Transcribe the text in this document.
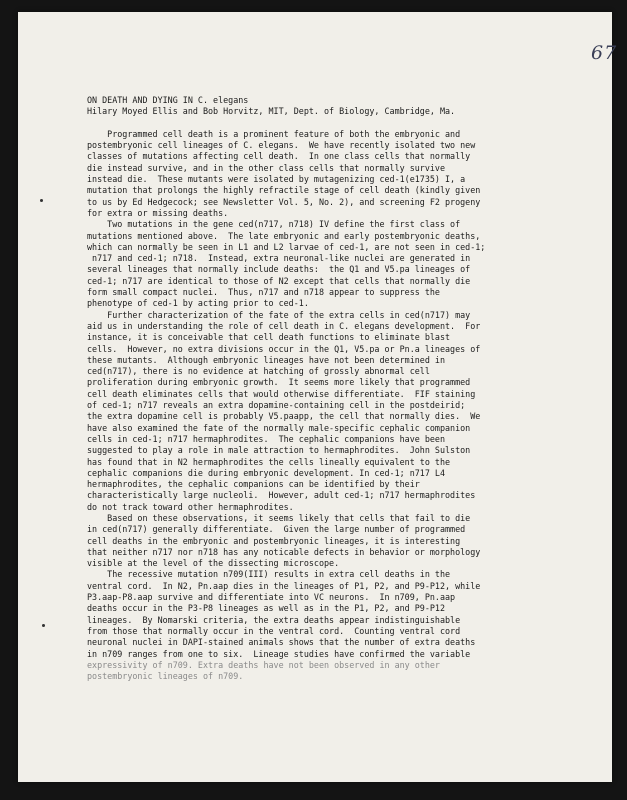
67
ON DEATH AND DYING IN C. elegans
Hilary Moyed Ellis and Bob Horvitz, MIT, Dept. of Biology, Cambridge, Ma.
Programmed cell death is a prominent feature of both the embryonic and
postembryonic cell lineages of C. elegans.  We have recently isolated two new
classes of mutations affecting cell death.  In one class cells that normally
die instead survive, and in the other class cells that normally survive
instead die.  These mutants were isolated by mutagenizing ced-1(e1735) I, a
mutation that prolongs the highly refractile stage of cell death (kindly given
to us by Ed Hedgecock; see Newsletter Vol. 5, No. 2), and screening F2 progeny
for extra or missing deaths.
Two mutations in the gene ced(n717, n718) IV define the first class of
mutations mentioned above.  The late embryonic and early postembryonic deaths,
which can normally be seen in L1 and L2 larvae of ced-1, are not seen in ced-1;
n717 and ced-1; n718.  Instead, extra neuronal-like nuclei are generated in
several lineages that normally include deaths:  the Q1 and V5.pa lineages of
ced-1; n717 are identical to those of N2 except that cells that normally die
form small compact nuclei.  Thus, n717 and n718 appear to suppress the
phenotype of ced-1 by acting prior to ced-1.
Further characterization of the fate of the extra cells in ced(n717) may
aid us in understanding the role of cell death in C. elegans development.  For
instance, it is conceivable that cell death functions to eliminate blast
cells.  However, no extra divisions occur in the Q1, V5.pa or Pn.a lineages of
these mutants.  Although embryonic lineages have not been determined in
ced(n717), there is no evidence at hatching of grossly abnormal cell
proliferation during embryonic growth.  It seems more likely that programmed
cell death eliminates cells that would otherwise differentiate.  FIF staining
of ced-1; n717 reveals an extra dopamine-containing cell in the postdeirid;
the extra dopamine cell is probably V5.paapp, the cell that normally dies.  We
have also examined the fate of the normally male-specific cephalic companion
cells in ced-1; n717 hermaphrodites.  The cephalic companions have been
suggested to play a role in male attraction to hermaphrodites.  John Sulston
has found that in N2 hermaphrodites the cells lineally equivalent to the
cephalic companions die during embryonic development. In ced-1; n717 L4
hermaphrodites, the cephalic companions can be identified by their
characteristically large nucleoli.  However, adult ced-1; n717 hermaphrodites
do not track toward other hermaphrodites.
Based on these observations, it seems likely that cells that fail to die
in ced(n717) generally differentiate.  Given the large number of programmed
cell deaths in the embryonic and postembryonic lineages, it is interesting
that neither n717 nor n718 has any noticable defects in behavior or morphology
visible at the level of the dissecting microscope.
The recessive mutation n709(III) results in extra cell deaths in the
ventral cord.  In N2, Pn.aap dies in the lineages of P1, P2, and P9-P12, while
P3.aap-P8.aap survive and differentiate into VC neurons.  In n709, Pn.aap
deaths occur in the P3-P8 lineages as well as in the P1, P2, and P9-P12
lineages.  By Nomarski criteria, the extra deaths appear indistinguishable
from those that normally occur in the ventral cord.  Counting ventral cord
neuronal nuclei in DAPI-stained animals shows that the number of extra deaths
in n709 ranges from one to six.  Lineage studies have confirmed the variable
expressivity of n709. Extra deaths have not been observed in any other
postembryonic lineages of n709.
